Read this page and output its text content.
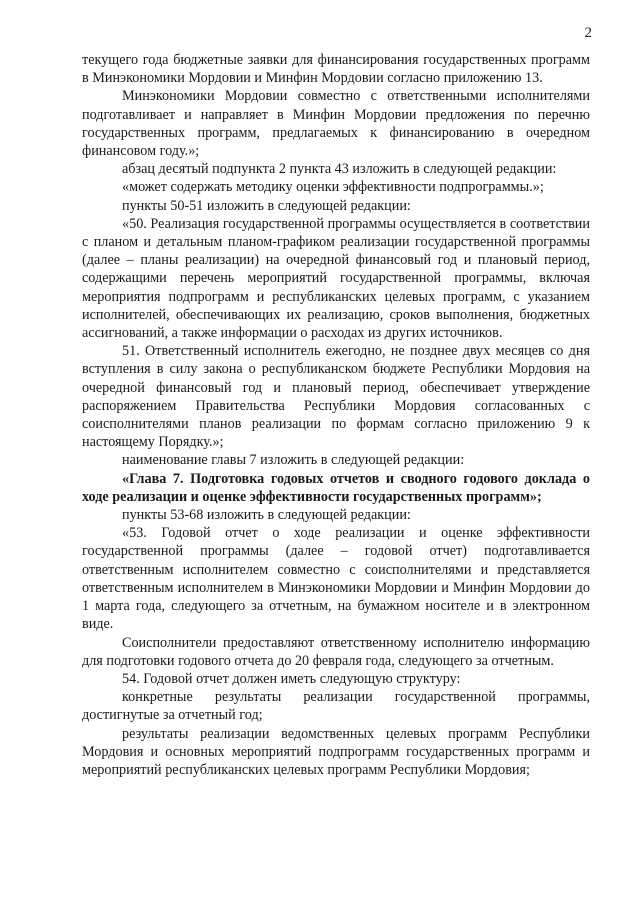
2

текущего года бюджетные заявки для финансирования государственных программ в Минэкономики Мордовии и Минфин Мордовии согласно приложению 13.

Минэкономики Мордовии совместно с ответственными исполнителями подготавливает и направляет в Минфин Мордовии предложения по перечню государственных программ, предлагаемых к финансированию в очередном финансовом году.»;

абзац десятый подпункта 2 пункта 43 изложить в следующей редакции:

«может содержать методику оценки эффективности подпрограммы.»;

пункты 50-51 изложить в следующей редакции:

«50. Реализация государственной программы осуществляется в соответствии с планом и детальным планом-графиком реализации государственной программы (далее – планы реализации) на очередной финансовый год и плановый период, содержащими перечень мероприятий государственной программы, включая мероприятия подпрограмм и республиканских целевых программ, с указанием исполнителей, обеспечивающих их реализацию, сроков выполнения, бюджетных ассигнований, а также информации о расходах из других источников.

51. Ответственный исполнитель ежегодно, не позднее двух месяцев со дня вступления в силу закона о республиканском бюджете Республики Мордовия на очередной финансовый год и плановый период, обеспечивает утверждение распоряжением Правительства Республики Мордовия согласованных с соисполнителями планов реализации по формам согласно приложению 9 к настоящему Порядку.»;

наименование главы 7 изложить в следующей редакции:

«Глава 7. Подготовка годовых отчетов и сводного годового доклада о ходе реализации и оценке эффективности государственных программ»;

пункты 53-68 изложить в следующей редакции:

«53. Годовой отчет о ходе реализации и оценке эффективности государственной программы (далее – годовой отчет) подготавливается ответственным исполнителем совместно с соисполнителями и представляется ответственным исполнителем в Минэкономики Мордовии и Минфин Мордовии до 1 марта года, следующего за отчетным, на бумажном носителе и в электронном виде.

Соисполнители предоставляют ответственному исполнителю информацию для подготовки годового отчета до 20 февраля года, следующего за отчетным.

54. Годовой отчет должен иметь следующую структуру:

конкретные результаты реализации государственной программы, достигнутые за отчетный год;

результаты реализации ведомственных целевых программ Республики Мордовия и основных мероприятий подпрограмм государственных программ и мероприятий республиканских целевых программ Республики Мордовия;
